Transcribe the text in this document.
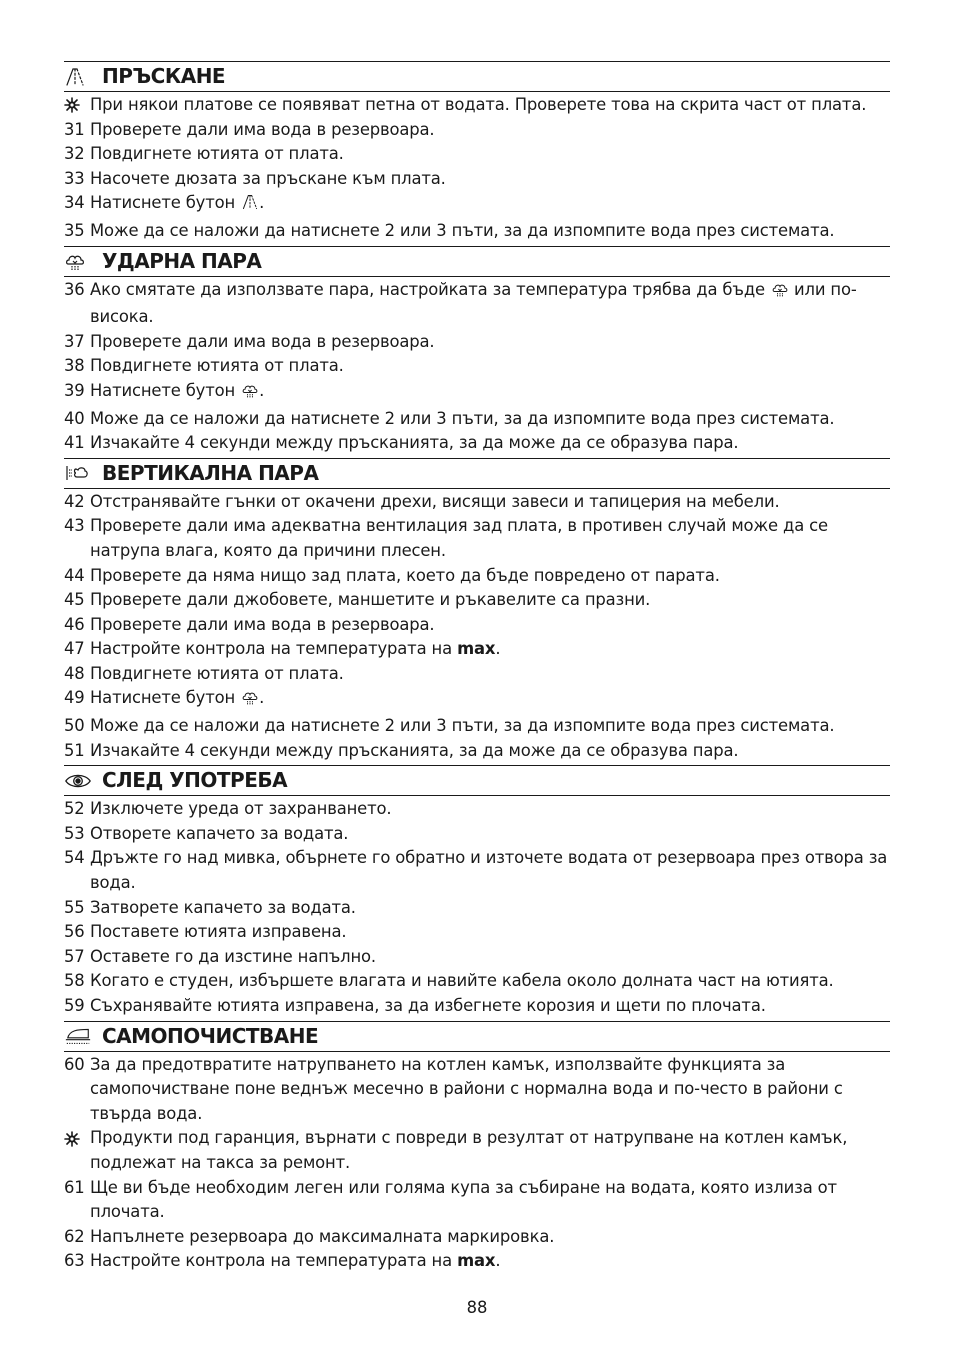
ПРЪСКАНЕ
При някои платове се появяват петна от водата. Проверете това на скрита част от плата.
31 Проверете дали има вода в резервоара.
32 Повдигнете ютията от плата.
33 Насочете дюзата за пръскане към плата.
34 Натиснете бутон .
35 Може да се наложи да натиснете 2 или 3 пъти, за да изпомпите вода през системата.
УДАРНА ПАРА
36 Ако смятате да използвате пара, настройката за температура трябва да бъде или по-висока.
37 Проверете дали има вода в резервоара.
38 Повдигнете ютията от плата.
39 Натиснете бутон .
40 Може да се наложи да натиснете 2 или 3 пъти, за да изпомпите вода през системата.
41 Изчакайте 4 секунди между пръсканията, за да може да се образува пара.
ВЕРТИКАЛНА ПАРА
42 Отстранявайте гънки от окачени дрехи, висящи завеси и тапицерия на мебели.
43 Проверете дали има адекватна вентилация зад плата, в противен случай може да се натрупа влага, която да причини плесен.
44 Проверете да няма нищо зад плата, което да бъде повредено от парата.
45 Проверете дали джобовете, маншетите и ръкавелите са празни.
46 Проверете дали има вода в резервоара.
47 Настройте контрола на температурата на max.
48 Повдигнете ютията от плата.
49 Натиснете бутон .
50 Може да се наложи да натиснете 2 или 3 пъти, за да изпомпите вода през системата.
51 Изчакайте 4 секунди между пръсканията, за да може да се образува пара.
СЛЕД УПОТРЕБА
52 Изключете уреда от захранването.
53 Отворете капачето за водата.
54 Дръжте го над мивка, обърнете го обратно и източете водата от резервоара през отвора за вода.
55 Затворете капачето за водата.
56 Поставете ютията изправена.
57 Оставете го да изстине напълно.
58 Когато е студен, избършете влагата и навийте кабела около долната част на ютията.
59 Съхранявайте ютията изправена, за да избегнете корозия и щети по плочата.
САМОПОЧИСТВАНЕ
60 За да предотвратите натрупването на котлен камък, използвайте функцията за самопочистване поне веднъж месечно в райони с нормална вода и по-често в райони с твърда вода.
Продукти под гаранция, върнати с повреди в резултат от натрупване на котлен камък, подлежат на такса за ремонт.
61 Ще ви бъде необходим леген или голяма купа за събиране на водата, която излиза от плочата.
62 Напълнете резервоара до максималната маркировка.
63 Настройте контрола на температурата на max.
88
